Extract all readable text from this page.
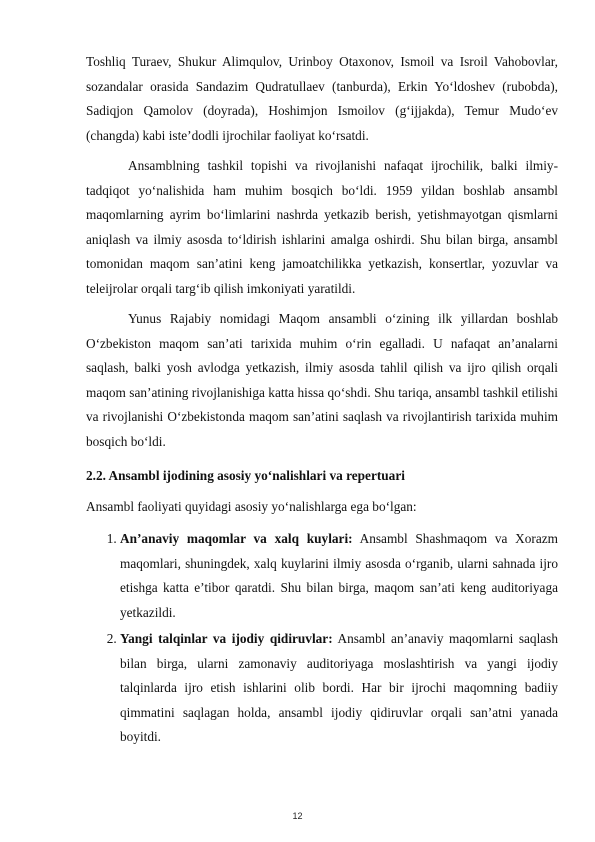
Toshliq Turaev, Shukur Alimqulov, Urinboy Otaxonov, Ismoil va Isroil Vahobovlar, sozandalar orasida Sandazim Qudratullaev (tanburda), Erkin Yo‘ldoshev (rubobda), Sadiqjon Qamolov (doyrada), Hoshimjon Ismoilov (g‘ijjakda), Temur Mudo‘ev (changda) kabi iste’dodli ijrochilar faoliyat ko‘rsatdi.

Ansamblning tashkil topishi va rivojlanishi nafaqat ijrochilik, balki ilmiy-tadqiqot yo‘nalishida ham muhim bosqich bo‘ldi. 1959 yildan boshlab ansambl maqomlarning ayrim bo‘limlarini nashrda yetkazib berish, yetishmayotgan qismlarni aniqlash va ilmiy asosda to‘ldirish ishlarini amalga oshirdi. Shu bilan birga, ansambl tomonidan maqom san’atini keng jamoatchilikka yetkazish, konsertlar, yozuvlar va teleijrolar orqali targ‘ib qilish imkoniyati yaratildi.

Yunus Rajabiy nomidagi Maqom ansambli o‘zining ilk yillardan boshlab O‘zbekiston maqom san’ati tarixida muhim o‘rin egalladi. U nafaqat an’analarni saqlash, balki yosh avlodga yetkazish, ilmiy asosda tahlil qilish va ijro qilish orqali maqom san’atining rivojlanishiga katta hissa qo‘shdi. Shu tariqa, ansambl tashkil etilishi va rivojlanishi O‘zbekistonda maqom san’atini saqlash va rivojlantirish tarixida muhim bosqich bo‘ldi.

2.2. Ansambl ijodining asosiy yo‘nalishlari va repertuari

Ansambl faoliyati quyidagi asosiy yo‘nalishlarga ega bo‘lgan:

1. An’anaviy maqomlar va xalq kuylari: Ansambl Shashmaqom va Xorazm maqomlari, shuningdek, xalq kuylarini ilmiy asosda o‘rganib, ularni sahnada ijro etishga katta e’tibor qaratdi. Shu bilan birga, maqom san’ati keng auditoriyaga yetkazildi.
2. Yangi talqinlar va ijodiy qidiruvlar: Ansambl an’anaviy maqomlarni saqlash bilan birga, ularni zamonaviy auditoriyaga moslashtirish va yangi ijodiy talqinlarda ijro etish ishlarini olib bordi. Har bir ijrochi maqomning badiiy qimmatini saqlagan holda, ansambl ijodiy qidiruvlar orqali san’atni yanada boyitdi.
12
